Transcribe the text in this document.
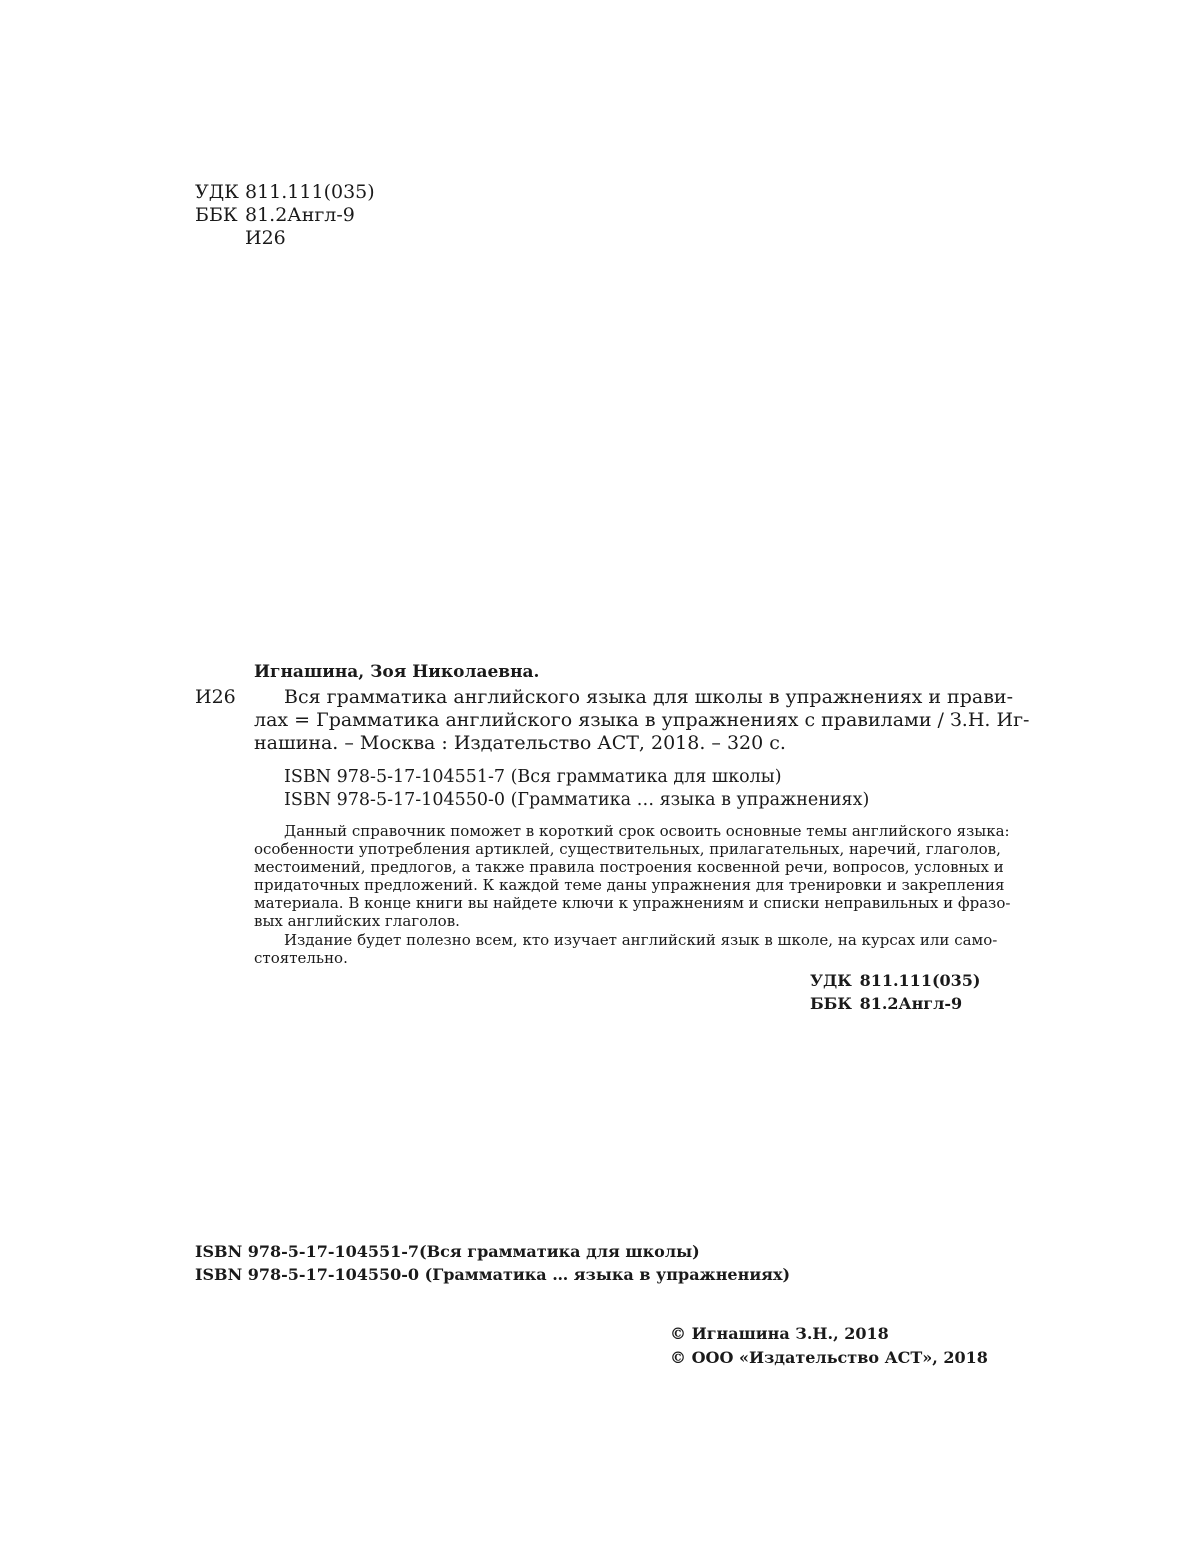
УДК 811.111(035)
ББК 81.2Англ-9
И26
Игнашина, Зоя Николаевна.
И26	Вся грамматика английского языка для школы в упражнениях и прави-
лах = Грамматика английского языка в упражнениях с правилами / З.Н. Иг-
нашина. – Москва : Издательство АСТ, 2018. – 320 с.
ISBN 978-5-17-104551-7 (Вся грамматика для школы)
ISBN 978-5-17-104550-0 (Грамматика … языка в упражнениях)
Данный справочник поможет в короткий срок освоить основные темы английского языка:
особенности употребления артиклей, существительных, прилагательных, наречий, глаголов,
местоимений, предлогов, а также правила построения косвенной речи, вопросов, условных и
придаточных предложений. К каждой теме даны упражнения для тренировки и закрепления
материала. В конце книги вы найдете ключи к упражнениям и списки неправильных и фразо-
вых английских глаголов.
Издание будет полезно всем, кто изучает английский язык в школе, на курсах или само-
стоятельно.
УДК 811.111(035)
ББК 81.2Англ-9
ISBN 978-5-17-104551-7(Вся грамматика для школы)
ISBN 978-5-17-104550-0 (Грамматика … языка в упражнениях)
© Игнашина З.Н., 2018
© ООО «Издательство АСТ», 2018
